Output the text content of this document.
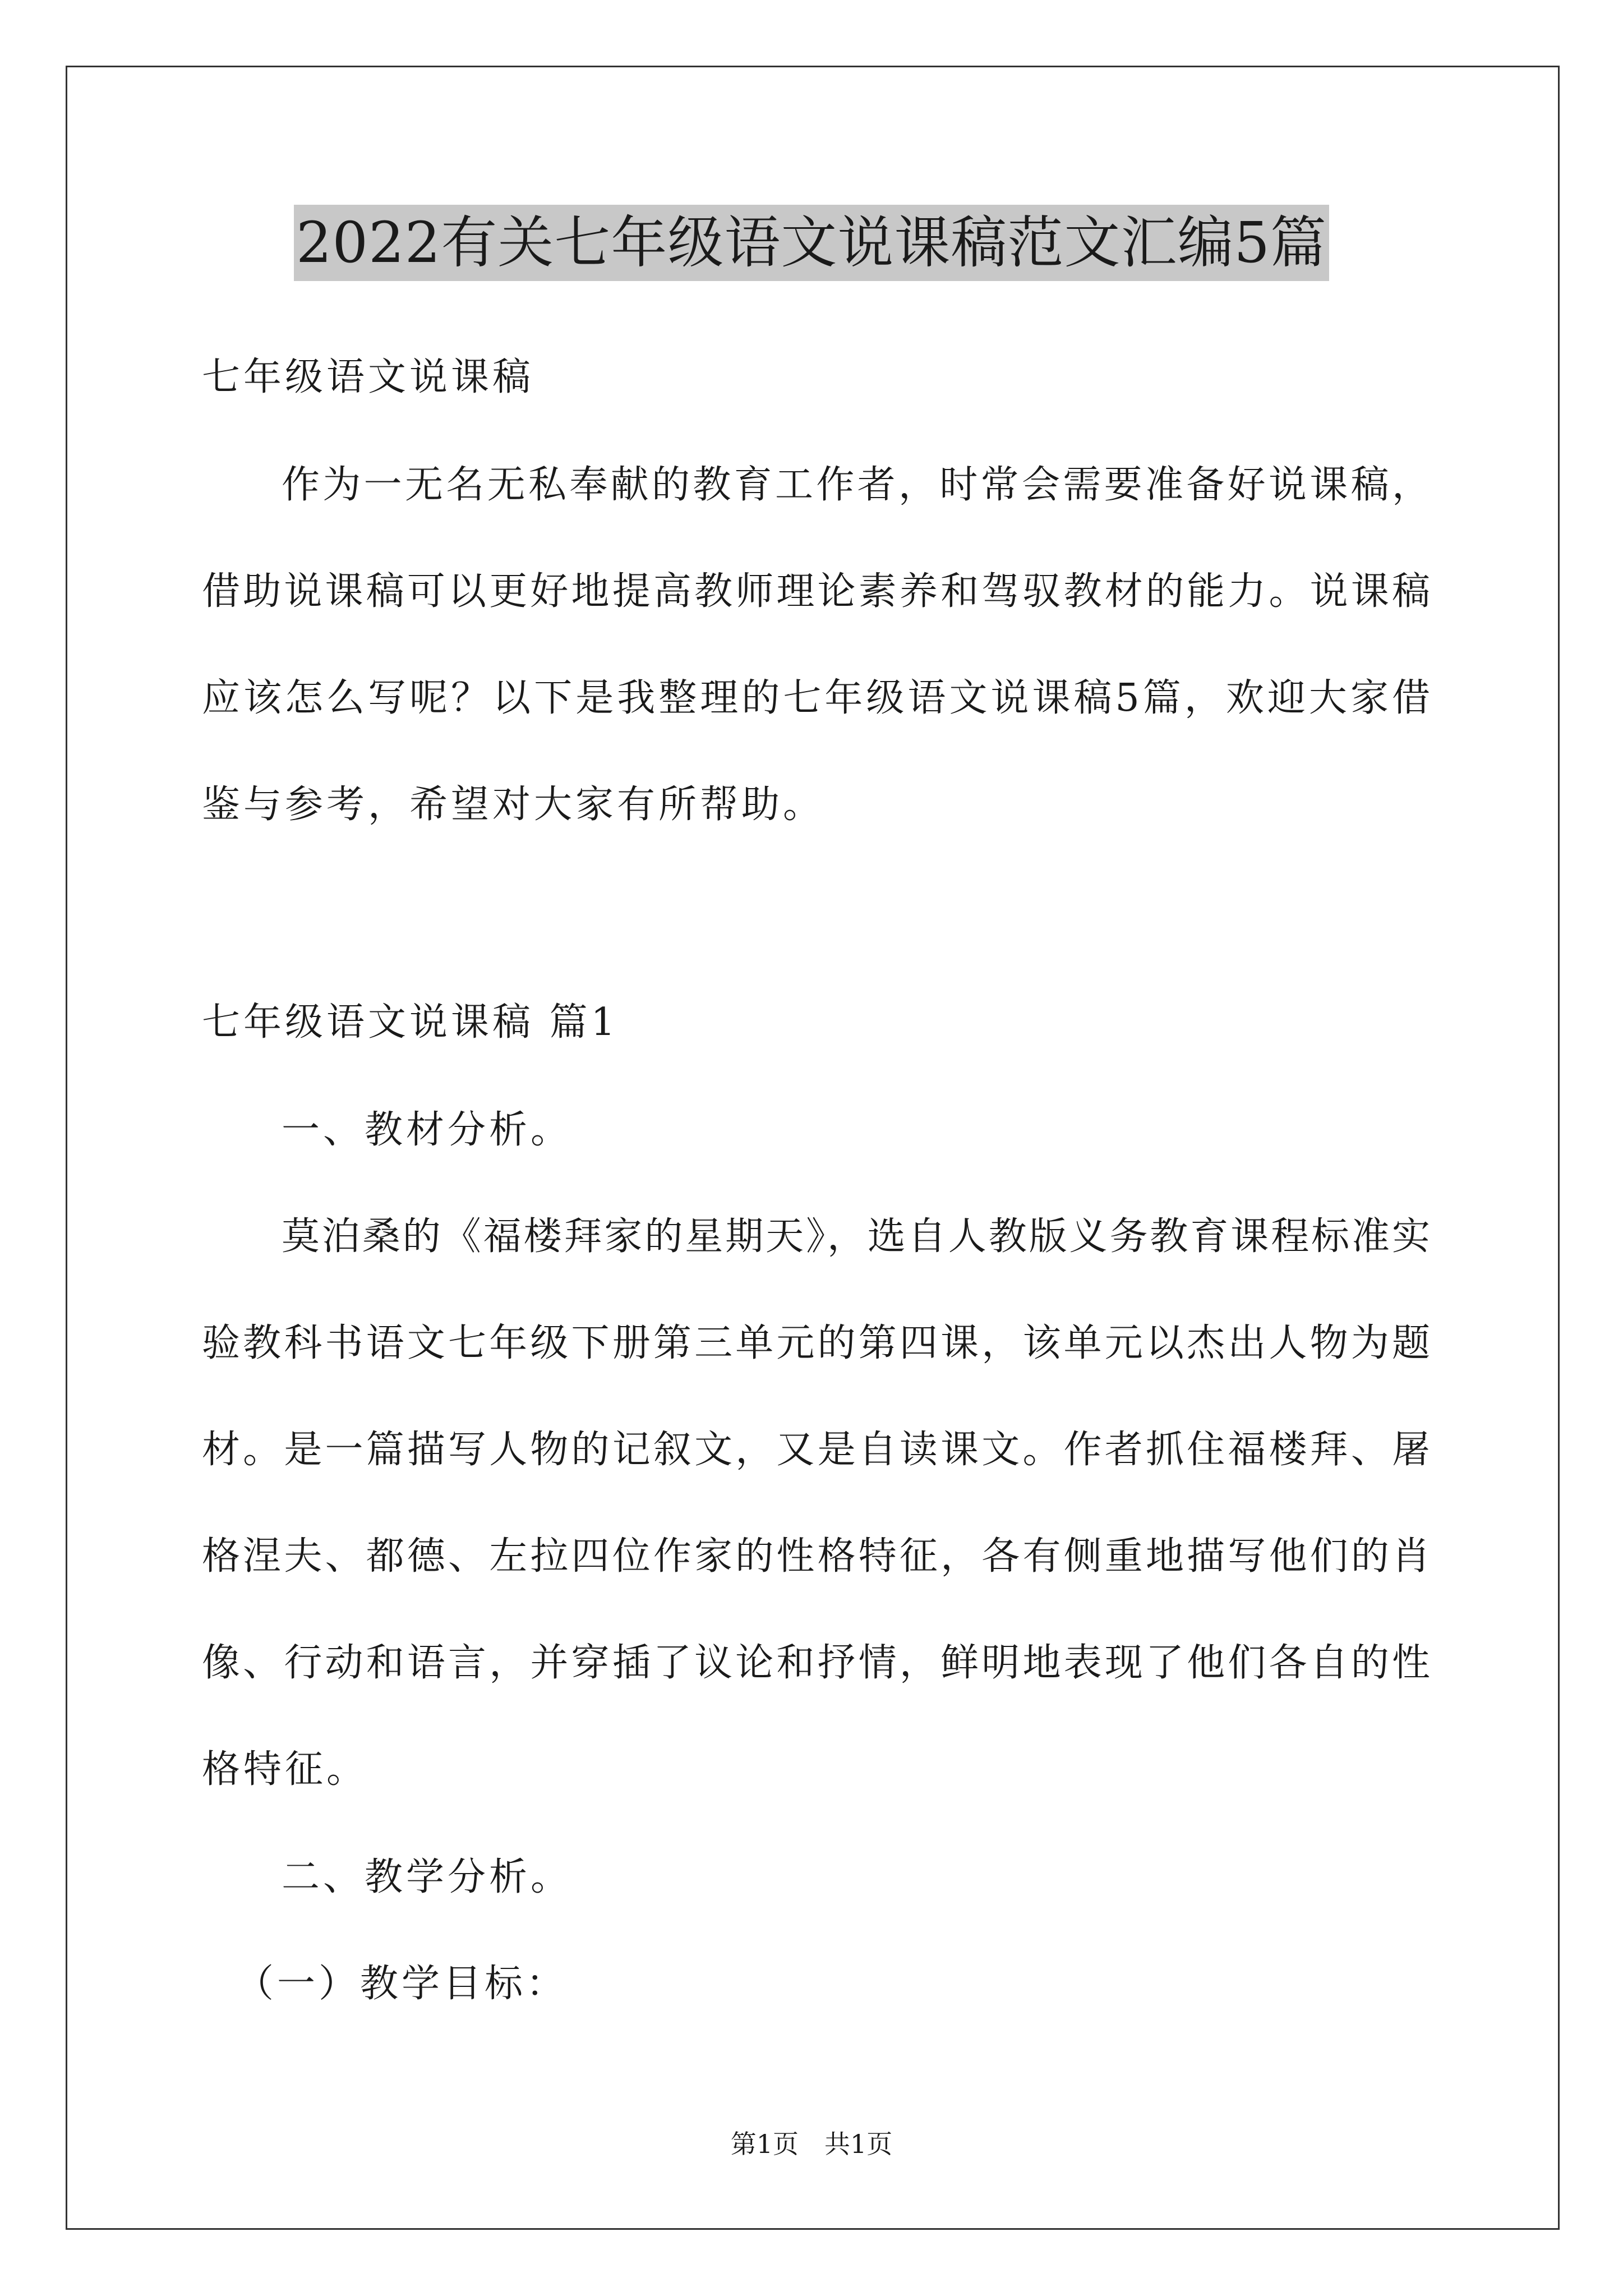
2022有关七年级语文说课稿范文汇编5篇
七年级语文说课稿
作为一无名无私奉献的教育工作者，时常会需要准备好说课稿，
借助说课稿可以更好地提高教师理论素养和驾驭教材的能力。说课稿
应该怎么写呢？以下是我整理的七年级语文说课稿5篇，欢迎大家借
鉴与参考，希望对大家有所帮助。
七年级语文说课稿 篇1
一、教材分析。
莫泊桑的《福楼拜家的星期天》，选自人教版义务教育课程标准实
验教科书语文七年级下册第三单元的第四课，该单元以杰出人物为题
材。是一篇描写人物的记叙文，又是自读课文。作者抓住福楼拜、屠
格涅夫、都德、左拉四位作家的性格特征，各有侧重地描写他们的肖
像、行动和语言，并穿插了议论和抒情，鲜明地表现了他们各自的性
格特征。
二、教学分析。
（一）教学目标：
第1页　共1页
